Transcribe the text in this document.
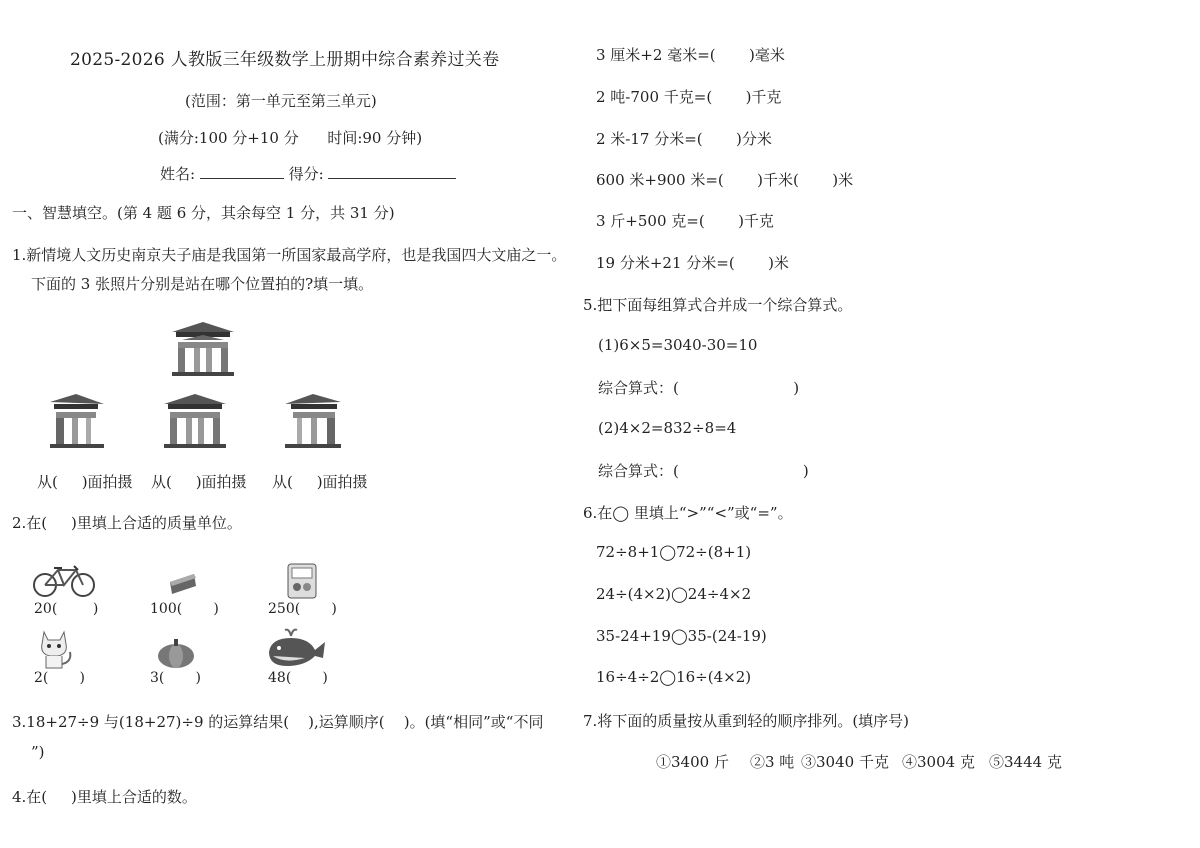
2025-2026 人教版三年级数学上册期中综合素养过关卷
(范围：第一单元至第三单元)
(满分:100 分+10 分      时间:90 分钟)
姓名:	得分:
一、智慧填空。(第 4 题 6 分，其余每空 1 分，共 31 分)
1.新情境人文历史南京夫子庙是我国第一所国家最高学府，也是我国四大文庙之一。
下面的 3 张照片分别是站在哪个位置拍的?填一填。
从(     )面拍摄 从(     )面拍摄 从(     )面拍摄
2.在(     )里填上合适的质量单位。
20(        )	100(       )	250(       )
2(       )	3(       )	48(       )
3.18+27÷9 与(18+27)÷9 的运算结果(    ),运算顺序(    )。(填“相同”或“不同
”)
4.在(     )里填上合适的数。
3 厘米+2 毫米=(       )毫米
2 吨-700 千克=(       )千克
2 米-17 分米=(       )分米
600 米+900 米=(       )千米(       )米
3 斤+500 克=(       )千克
19 分米+21 分米=(       )米
5.把下面每组算式合并成一个综合算式。
(1)6×5=3040-30=10
综合算式：(                        )
(2)4×2=832÷8=4
综合算式：(                          )
6.在◯ 里填上“>”“<”或“=”。
72÷8+1◯72÷(8+1)
24÷(4×2)◯24÷4×2
35-24+19◯35-(24-19)
16÷4÷2◯16÷(4×2)
7.将下面的质量按从重到轻的顺序排列。(填序号)
①3400 斤 ②3 吨 ③3040 千克 ④3004 克 ⑤3444 克
